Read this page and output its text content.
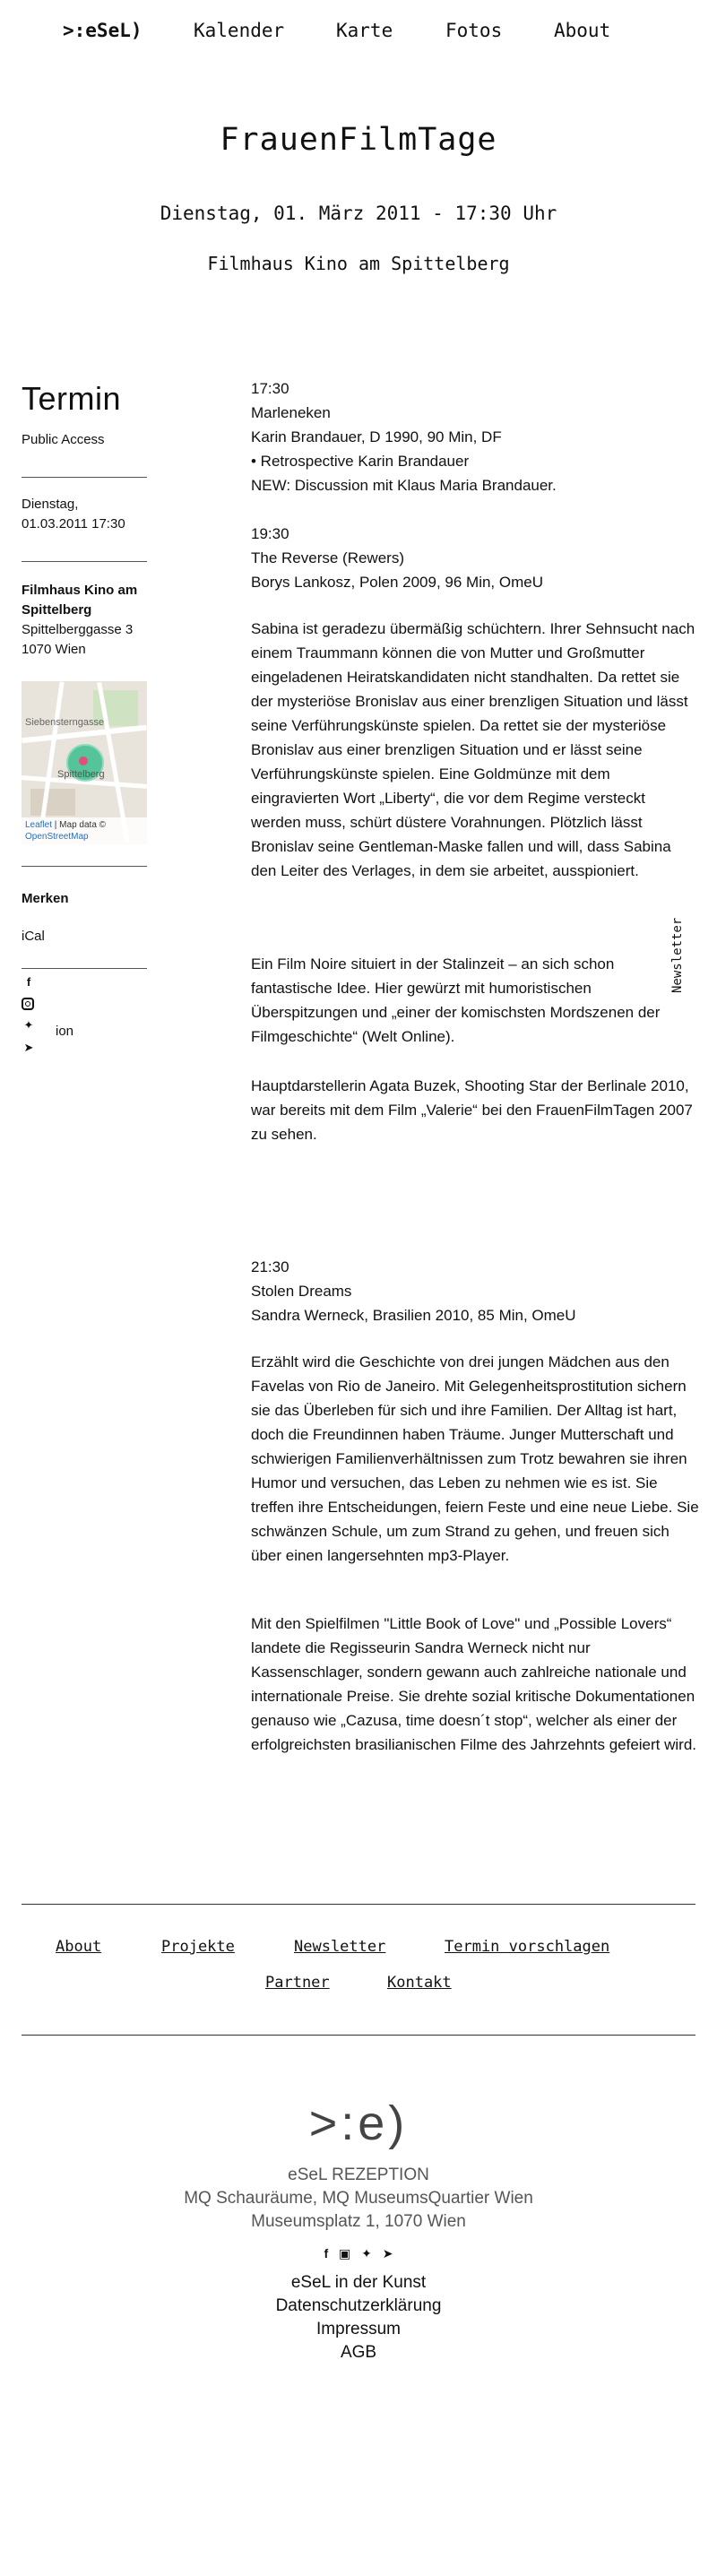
>:eSeL)	Kalender	Karte	Fotos	About
FrauenFilmTage
Dienstag, 01. März 2011 - 17:30 Uhr
Filmhaus Kino am Spittelberg
Termin
Public Access
Dienstag,
01.03.2011 17:30
Filmhaus Kino am
Spittelberg
Spittelberggasse 3
1070 Wien
Siebensterngasse
Spittelberg
Leaflet | Map data ©
OpenStreetMap
Merken
iCal
f
✦
➤
ion
17:30
Marleneken
Karin Brandauer, D 1990, 90 Min, DF
• Retrospective Karin Brandauer
NEW: Discussion mit Klaus Maria Brandauer.
19:30
The Reverse (Rewers)
Borys Lankosz, Polen 2009, 96 Min, OmeU

Sabina ist geradezu übermäßig schüchtern. Ihrer Sehnsucht nach einem Traummann können die von Mutter und Großmutter eingeladenen Heiratskandidaten nicht standhalten. Da rettet sie der mysteriöse Bronislav aus einer brenzligen Situation und lässt seine Verführungskünste spielen. Da rettet sie der mysteriöse Bronislav aus einer brenzligen Situation und er lässt seine Verführungskünste spielen. Eine Goldmünze mit dem eingravierten Wort „Liberty“, die vor dem Regime versteckt werden muss, schürt düstere Vorahnungen. Plötzlich lässt Bronislav seine Gentleman-Maske fallen und will, dass Sabina den Leiter des Verlages, in dem sie arbeitet, ausspioniert.

Ein Film Noire situiert in der Stalinzeit – an sich schon fantastische Idee. Hier gewürzt mit humoristischen Überspitzungen und „einer der komischsten Mordszenen der Filmgeschichte“ (Welt Online).

Hauptdarstellerin Agata Buzek, Shooting Star der Berlinale 2010, war bereits mit dem Film „Valerie“ bei den FrauenFilmTagen 2007 zu sehen.

21:30
Stolen Dreams
Sandra Werneck, Brasilien 2010, 85 Min, OmeU

Erzählt wird die Geschichte von drei jungen Mädchen aus den Favelas von Rio de Janeiro. Mit Gelegenheitsprostitution sichern sie das Überleben für sich und ihre Familien. Der Alltag ist hart, doch die Freundinnen haben Träume. Junger Mutterschaft und schwierigen Familienverhältnissen zum Trotz bewahren sie ihren Humor und versuchen, das Leben zu nehmen wie es ist. Sie treffen ihre Entscheidungen, feiern Feste und eine neue Liebe. Sie schwänzen Schule, um zum Strand zu gehen, und freuen sich über einen langersehnten mp3-Player.

Mit den Spielfilmen "Little Book of Love" und „Possible Lovers“ landete die Regisseurin Sandra Werneck nicht nur Kassenschlager, sondern gewann auch zahlreiche nationale und internationale Preise. Sie drehte sozial kritische Dokumentationen genauso wie „Cazusa, time doesn´t stop“, welcher als einer der erfolgreichsten brasilianischen Filme des Jahrzehnts gefeiert wird.

Newsletter
About	Projekte	Newsletter	Termin vorschlagen
Partner	Kontakt
>:e)
eSeL REZEPTION
MQ Schauräume, MQ MuseumsQuartier Wien
Museumsplatz 1, 1070 Wien
f ▣ ✦ ➤
eSeL in der Kunst
Datenschutzerklärung
Impressum
AGB
